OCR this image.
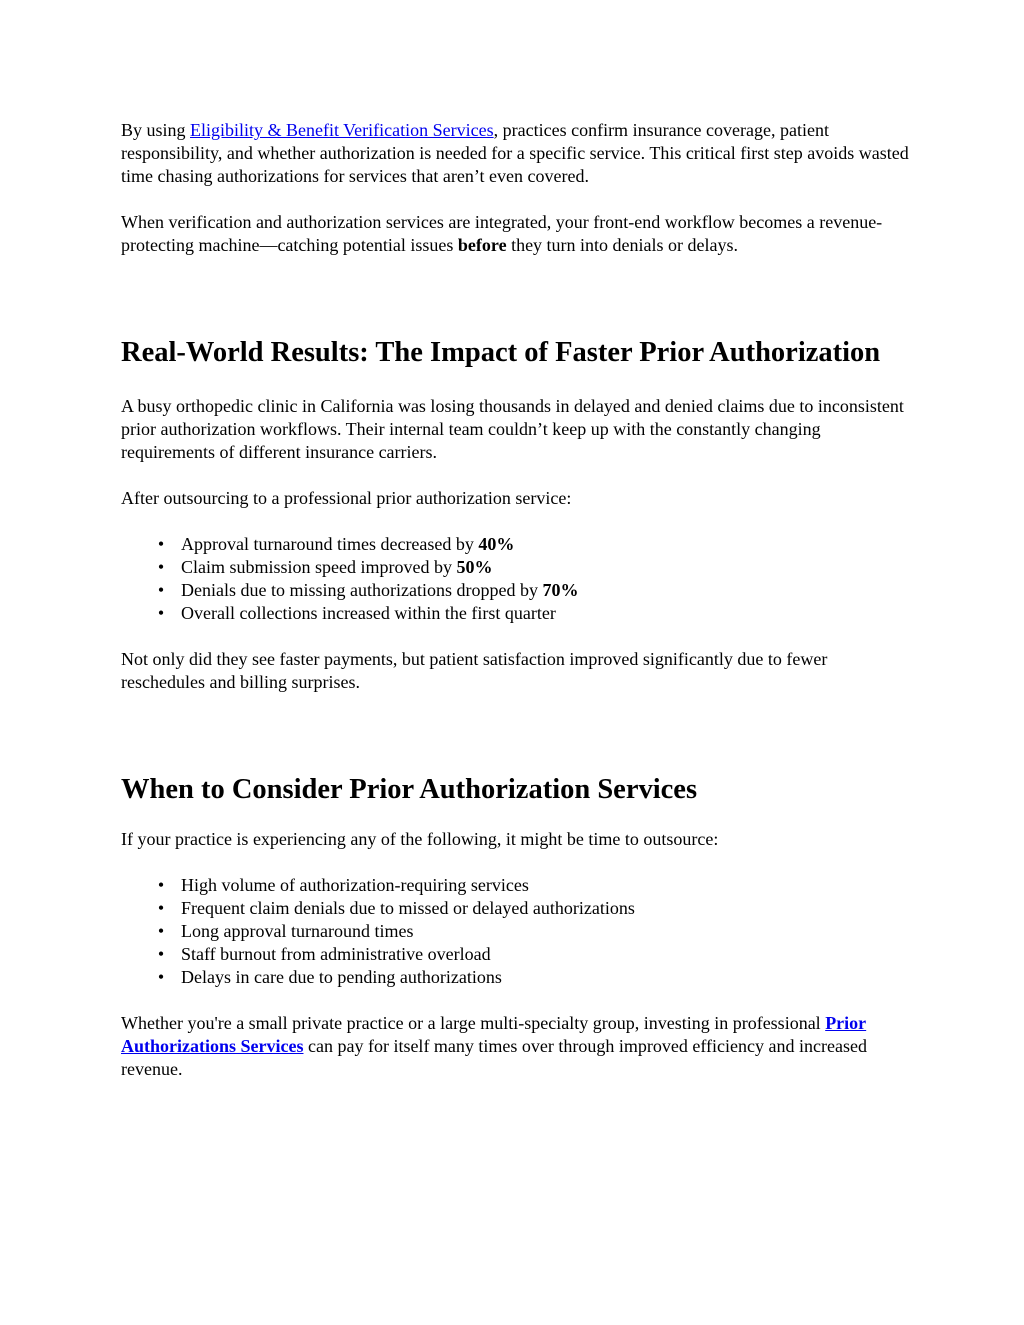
By using Eligibility & Benefit Verification Services, practices confirm insurance coverage, patient responsibility, and whether authorization is needed for a specific service. This critical first step avoids wasted time chasing authorizations for services that aren’t even covered.

When verification and authorization services are integrated, your front-end workflow becomes a revenue-protecting machine—catching potential issues before they turn into denials or delays.

Real-World Results: The Impact of Faster Prior Authorization

A busy orthopedic clinic in California was losing thousands in delayed and denied claims due to inconsistent prior authorization workflows. Their internal team couldn’t keep up with the constantly changing requirements of different insurance carriers.

After outsourcing to a professional prior authorization service:

• Approval turnaround times decreased by 40%
• Claim submission speed improved by 50%
• Denials due to missing authorizations dropped by 70%
• Overall collections increased within the first quarter

Not only did they see faster payments, but patient satisfaction improved significantly due to fewer reschedules and billing surprises.

When to Consider Prior Authorization Services

If your practice is experiencing any of the following, it might be time to outsource:

• High volume of authorization-requiring services
• Frequent claim denials due to missed or delayed authorizations
• Long approval turnaround times
• Staff burnout from administrative overload
• Delays in care due to pending authorizations

Whether you're a small private practice or a large multi-specialty group, investing in professional Prior Authorizations Services can pay for itself many times over through improved efficiency and increased revenue.
